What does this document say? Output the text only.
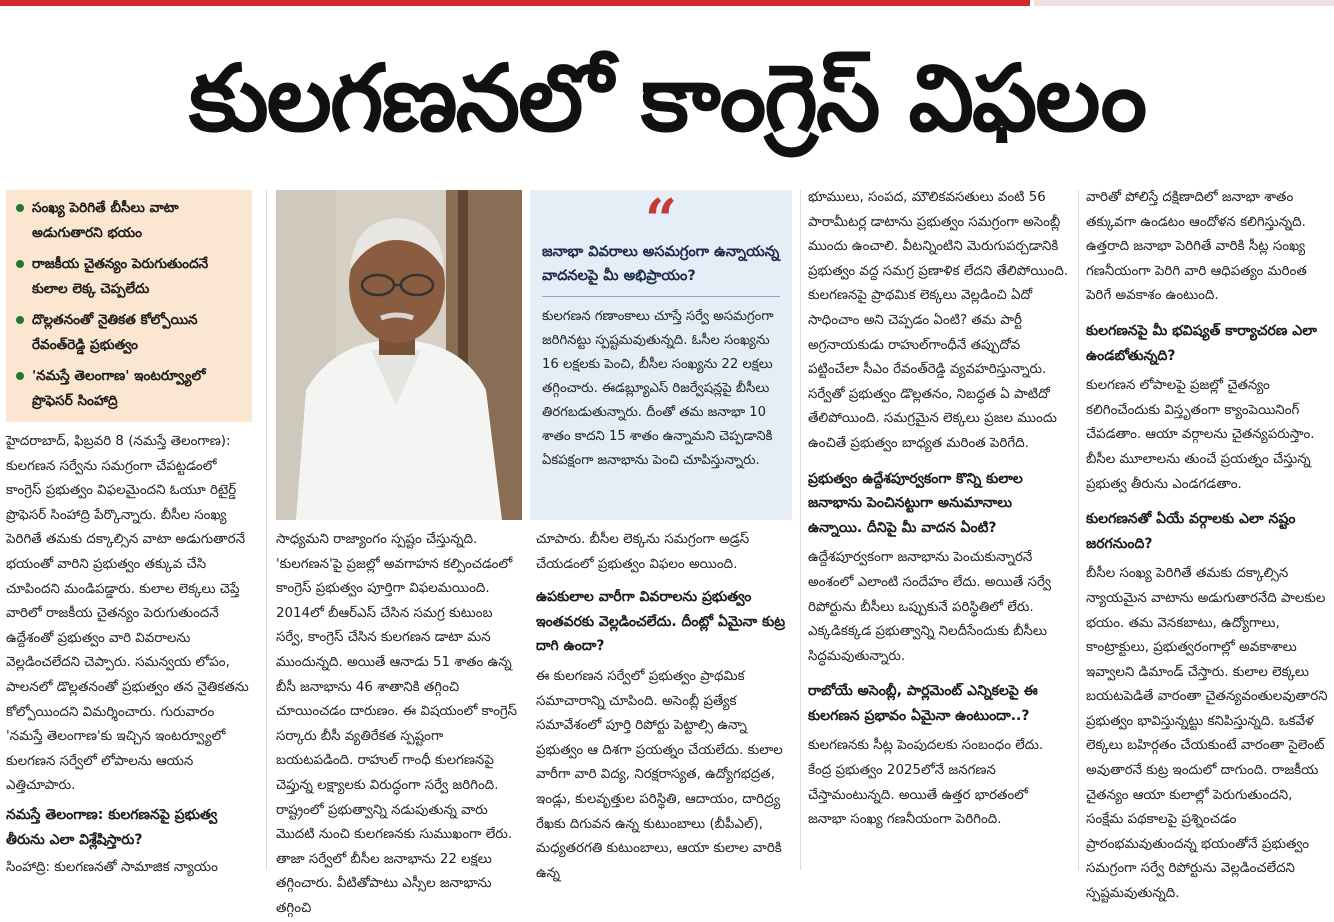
కులగణనలో కాంగ్రెస్ విఫలం
సంఖ్య పెరిగితే బీసీలు వాటా అడుగుతారని భయం
రాజకీయ చైతన్యం పెరుగుతుందనే కులాల లెక్క చెప్పలేదు
దొల్లతనంతో నైతికత కోల్పోయిన రేవంత్‌రెడ్డి ప్రభుత్వం
'నమస్తే తెలంగాణ' ఇంటర్వ్యూలో ప్రొఫెసర్ సింహాద్రి

హైదరాబాద్, ఫిబ్రవరి 8 (నమస్తే తెలంగాణ): కులగణన సర్వేను సమగ్రంగా చేపట్టడంలో కాంగ్రెస్ ప్రభుత్వం విఫలమైందని ఓయూ రిటైర్డ్ ప్రొఫెసర్ సింహాద్రి పేర్కొన్నారు. బీసీల సంఖ్య పెరిగితే తమకు దక్కాల్సిన వాటా అడుగుతారనే భయంతో వారిని ప్రభుత్వం తక్కువ చేసి చూపిందని మండిపడ్డారు. కులాల లెక్కలు చెప్తే వారిలో రాజకీయ చైతన్యం పెరుగుతుందనే ఉద్దేశంతో ప్రభుత్వం వారి వివరాలను వెల్లడించలేదని చెప్పారు. సమన్వయ లోపం, పాలనలో డొల్లతనంతో ప్రభుత్వం తన నైతికతను కోల్పోయిందని విమర్శించారు. గురువారం 'నమస్తే తెలంగాణ'కు ఇచ్చిన ఇంటర్వ్యూలో కులగణన సర్వేలో లోపాలను ఆయన ఎత్తిచూపారు.

నమస్తే తెలంగాణ: కులగణనపై ప్రభుత్వ తీరును ఎలా విశ్లేషిస్తారు?

సింహాద్రి: కులగణనతో సామాజిక న్యాయం

సాధ్యమని రాజ్యాంగం స్పష్టం చేస్తున్నది. 'కులగణన'పై ప్రజల్లో అవగాహన కల్పించడంలో కాంగ్రెస్ ప్రభుత్వం పూర్తిగా విఫలమయింది. 2014లో బీఆర్‌ఎస్ చేసిన సమగ్ర కుటుంబ సర్వే, కాంగ్రెస్ చేసిన కులగణన డాటా మన ముందున్నది. అయితే ఆనాడు 51 శాతం ఉన్న బీసీ జనాభాను 46 శాతానికి తగ్గించి చూయించడం దారుణం. ఈ విషయంలో కాంగ్రెస్ సర్కారు బీసీ వ్యతిరేకత స్పష్టంగా బయటపడింది. రాహుల్ గాంధీ కులగణనపై చెప్తున్న లక్ష్యాలకు విరుద్ధంగా సర్వే జరిగింది. రాష్ట్రంలో ప్రభుత్వాన్ని నడుపుతున్న వారు మొదటి నుంచి కులగణనకు సుముఖంగా లేరు. తాజా సర్వేలో బీసీల జనాభాను 22 లక్షలు తగ్గించారు. వీటితోపాటు ఎస్సీల జనాభాను తగ్గించి

“
జనాభా వివరాలు అసమగ్రంగా ఉన్నాయన్న వాదనలపై మీ అభిప్రాయం?
కులగణన గణాంకాలు చూస్తే సర్వే అసమగ్రంగా జరిగినట్టు స్పష్టమవుతున్నది. ఓసీల సంఖ్యను 16 లక్షలకు పెంచి, బీసీల సంఖ్యను 22 లక్షలు తగ్గించారు. ఈడబ్ల్యూఎస్ రిజర్వేషన్లపై బీసీలు తిరగబడుతున్నారు. దీంతో తమ జనాభా 10 శాతం కాదని 15 శాతం ఉన్నామని చెప్పడానికి ఏకపక్షంగా జనాభాను పెంచి చూపిస్తున్నారు.

చూపారు. బీసీల లెక్కను సమగ్రంగా అడ్రస్ చేయడంలో ప్రభుత్వం విఫలం అయింది.

ఉపకులాల వారీగా వివరాలను ప్రభుత్వం ఇంతవరకు వెల్లడించలేదు. దీంట్లో ఏమైనా కుట్ర దాగి ఉందా?

ఈ కులగణన సర్వేలో ప్రభుత్వం ప్రాథమిక సమాచారాన్ని చూపింది. అసెంబ్లీ ప్రత్యేక సమావేశంలో పూర్తి రిపోర్టు పెట్టాల్సి ఉన్నా ప్రభుత్వం ఆ దిశగా ప్రయత్నం చేయలేదు. కులాల వారీగా వారి విద్య, నిరక్షరాస్యత, ఉద్యోగభద్రత, ఇండ్లు, కులవృత్తుల పరిస్థితి, ఆదాయం, దారిద్ర్య రేఖకు దిగువన ఉన్న కుటుంబాలు (బీపీఎల్), మధ్యతరగతి కుటుంబాలు, ఆయా కులాల వారికి ఉన్న

భూములు, సంపద, మౌలికవసతులు వంటి 56 పారామీటర్ల డాటాను ప్రభుత్వం సమగ్రంగా అసెంబ్లీ ముందు ఉంచాలి. వీటన్నింటిని మెరుగుపర్చడానికి ప్రభుత్వం వద్ద సమగ్ర ప్రణాళిక లేదని తేలిపోయింది. కులగణనపై ప్రాథమిక లెక్కలు వెల్లడించి ఏదో సాధించాం అని చెప్పడం ఏంటి? తమ పార్టీ అగ్రనాయకుడు రాహుల్‌గాంధీనే తప్పుదోవ పట్టించేలా సీఎం రేవంత్‌రెడ్డి వ్యవహరిస్తున్నారు. సర్వేతో ప్రభుత్వం డొల్లతనం, నిబద్ధత ఏ పాటిదో తేలిపోయింది. సమగ్రమైన లెక్కలు ప్రజల ముందు ఉంచితే ప్రభుత్వం బాధ్యత మరింత పెరిగేది.

ప్రభుత్వం ఉద్దేశపూర్వకంగా కొన్ని కులాల జనాభాను పెంచినట్టుగా అనుమానాలు ఉన్నాయి. దీనిపై మీ వాదన ఏంటి?

ఉద్దేశపూర్వకంగా జనాభాను పెంచుకున్నారనే అంశంలో ఎలాంటి సందేహం లేదు. అయితే సర్వే రిపోర్టును బీసీలు ఒప్పుకునే పరిస్థితిలో లేరు. ఎక్కడికక్కడ ప్రభుత్వాన్ని నిలదీసేందుకు బీసీలు సిద్ధమవుతున్నారు.

రాబోయే అసెంబ్లీ, పార్లమెంట్ ఎన్నికలపై ఈ కులగణన ప్రభావం ఏమైనా ఉంటుందా..?

కులగణనకు సీట్ల పెంపుదలకు సంబంధం లేదు. కేంద్ర ప్రభుత్వం 2025లోనే జనగణన చేస్తామంటున్నది. అయితే ఉత్తర భారతంలో జనాభా సంఖ్య గణనీయంగా పెరిగింది.

వారితో పోలిస్తే దక్షిణాదిలో జనాభా శాతం తక్కువగా ఉండటం ఆందోళన కలిగిస్తున్నది. ఉత్తరాది జనాభా పెరిగితే వారికి సీట్ల సంఖ్య గణనీయంగా పెరిగి వారి ఆధిపత్యం మరింత పెరిగే అవకాశం ఉంటుంది.

కులగణనపై మీ భవిష్యత్ కార్యాచరణ ఎలా ఉండబోతున్నది?

కులగణన లోపాలపై ప్రజల్లో చైతన్యం కలిగించేందుకు విస్తృతంగా క్యాంపెయినింగ్ చేపడతాం. ఆయా వర్గాలను చైతన్యపరుస్తాం. బీసీల మూలాలను తుంచే ప్రయత్నం చేస్తున్న ప్రభుత్వ తీరును ఎండగడతాం.

కులగణనతో ఏయే వర్గాలకు ఎలా నష్టం జరగనుంది?

బీసీల సంఖ్య పెరిగితే తమకు దక్కాల్సిన న్యాయమైన వాటాను అడుగుతారనేది పాలకుల భయం. తమ వెనకబాటు, ఉద్యోగాలు, కాంట్రాక్టులు, ప్రభుత్వరంగాల్లో అవకాశాలు ఇవ్వాలని డిమాండ్ చేస్తారు. కులాల లెక్కలు బయటపెడితే వారంతా చైతన్యవంతులవుతారని ప్రభుత్వం భావిస్తున్నట్టు కనిపిస్తున్నది. ఒకవేళ లెక్కలు బహిర్గతం చేయకుంటే వారంతా సైలెంట్ అవుతారనే కుట్ర ఇందులో దాగుంది. రాజకీయ చైతన్యం ఆయా కులాల్లో పెరుగుతుందని, సంక్షేమ పథకాలపై ప్రశ్నించడం ప్రారంభమవుతుందన్న భయంతోనే ప్రభుత్వం సమగ్రంగా సర్వే రిపోర్టును వెల్లడించలేదని స్పష్టమవుతున్నది.
